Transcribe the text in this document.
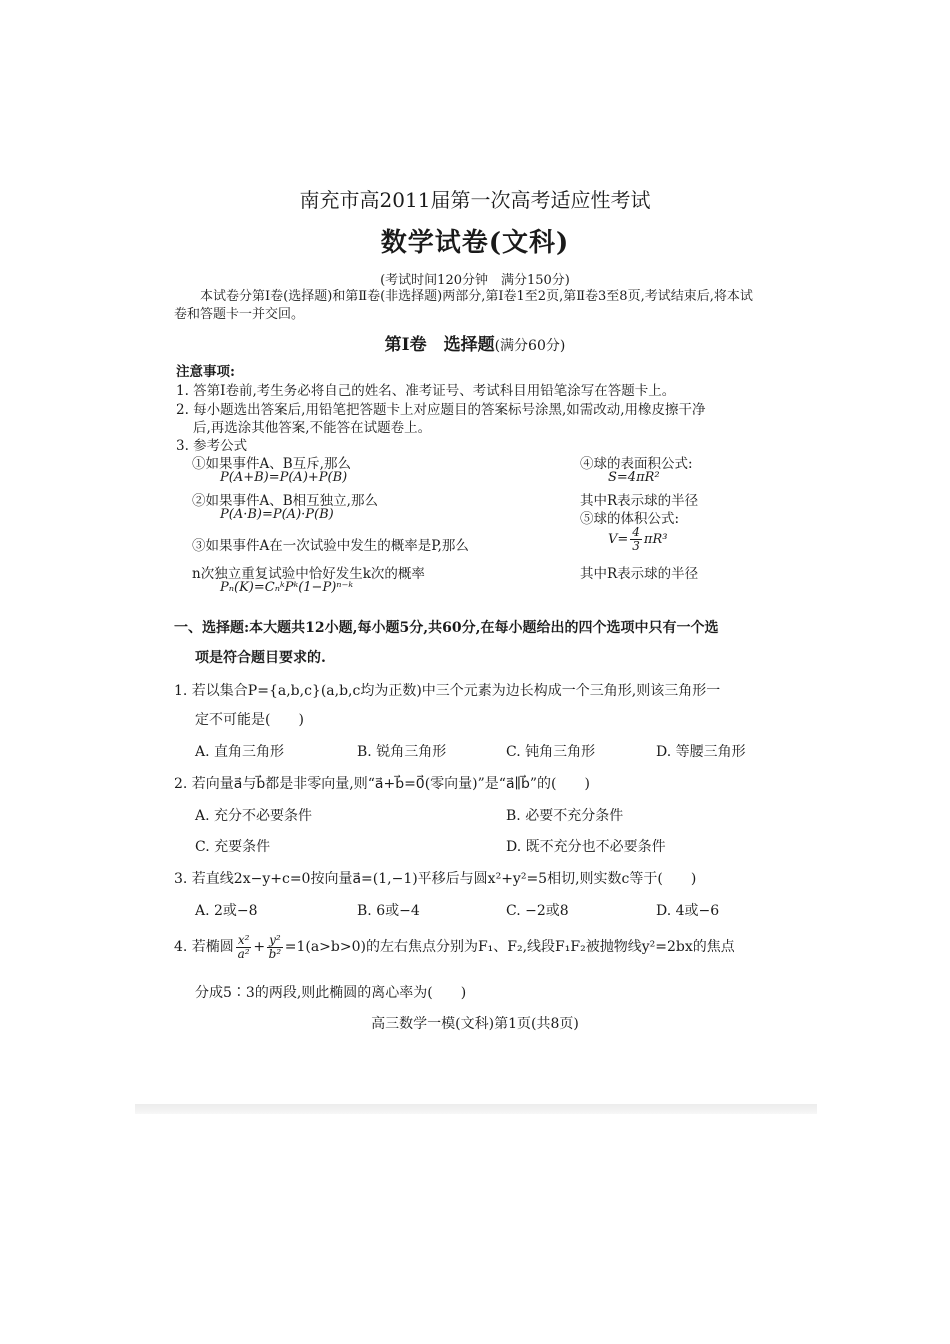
南充市高2011届第一次高考适应性考试
数学试卷(文科)
(考试时间120分钟　满分150分)
本试卷分第Ⅰ卷(选择题)和第Ⅱ卷(非选择题)两部分,第Ⅰ卷1至2页,第Ⅱ卷3至8页,考试结束后,将本试卷和答题卡一并交回。
第Ⅰ卷　选择题(满分60分)
注意事项:
1. 答第Ⅰ卷前,考生务必将自己的姓名、准考证号、考试科目用铅笔涂写在答题卡上。
2. 每小题选出答案后,用铅笔把答题卡上对应题目的答案标号涂黑,如需改动,用橡皮擦干净
后,再选涂其他答案,不能答在试题卷上。
3. 参考公式
①如果事件A、B互斥,那么
P(A+B)=P(A)+P(B)
②如果事件A、B相互独立,那么
P(A·B)=P(A)·P(B)
③如果事件A在一次试验中发生的概率是P,那么
n次独立重复试验中恰好发生k次的概率
Pₙ(K)=CₙᵏPᵏ(1−P)ⁿ⁻ᵏ
④球的表面积公式:
S=4πR²
其中R表示球的半径
⑤球的体积公式:
$V= \frac{4}{3} \pi R^3$
其中R表示球的半径
一、选择题:本大题共12小题,每小题5分,共60分,在每小题给出的四个选项中只有一个选
项是符合题目要求的.
1. 若以集合P={a,b,c}(a,b,c均为正数)中三个元素为边长构成一个三角形,则该三角形一
定不可能是(　　)
A. 直角三角形	B. 锐角三角形	C. 钝角三角形	D. 等腰三角形
2. 若向量a⃗与b⃗都是非零向量,则“a⃗+b⃗=0⃗(零向量)”是“a⃗∥b⃗”的(　　)
A. 充分不必要条件	B. 必要不充分条件
C. 充要条件	D. 既不充分也不必要条件
3. 若直线2x−y+c=0按向量a⃗=(1,−1)平移后与圆x²+y²=5相切,则实数c等于(　　)
A. 2或−8	B. 6或−4	C. −2或8	D. 4或−6
4. 若椭圆 $\frac{\text{x²}}{\text{a²}} + \frac{\text{y²}}{\text{b²}} =1(a>b>0)$的左右焦点分别为F₁、F₂,线段F₁F₂被抛物线y²=2bx的焦点
分成5∶3的两段,则此椭圆的离心率为(　　)
高三数学一模(文科)第1页(共8页)
